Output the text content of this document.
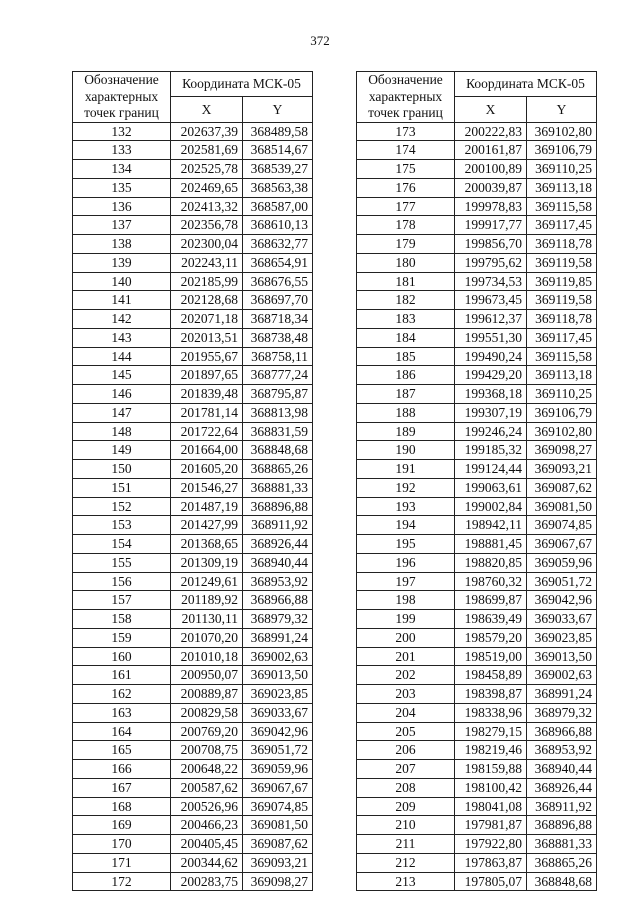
372
Обозначение характерных точек границ	Координата МСК-05	
	X	Y
132	202637,39	368489,58
133	202581,69	368514,67
134	202525,78	368539,27
135	202469,65	368563,38
136	202413,32	368587,00
137	202356,78	368610,13
138	202300,04	368632,77
139	202243,11	368654,91
140	202185,99	368676,55
141	202128,68	368697,70
142	202071,18	368718,34
143	202013,51	368738,48
144	201955,67	368758,11
145	201897,65	368777,24
146	201839,48	368795,87
147	201781,14	368813,98
148	201722,64	368831,59
149	201664,00	368848,68
150	201605,20	368865,26
151	201546,27	368881,33
152	201487,19	368896,88
153	201427,99	368911,92
154	201368,65	368926,44
155	201309,19	368940,44
156	201249,61	368953,92
157	201189,92	368966,88
158	201130,11	368979,32
159	201070,20	368991,24
160	201010,18	369002,63
161	200950,07	369013,50
162	200889,87	369023,85
163	200829,58	369033,67
164	200769,20	369042,96
165	200708,75	369051,72
166	200648,22	369059,96
167	200587,62	369067,67
168	200526,96	369074,85
169	200466,23	369081,50
170	200405,45	369087,62
171	200344,62	369093,21
172	200283,75	369098,27
Обозначение характерных точек границ	Координата МСК-05	
	X	Y
173	200222,83	369102,80
174	200161,87	369106,79
175	200100,89	369110,25
176	200039,87	369113,18
177	199978,83	369115,58
178	199917,77	369117,45
179	199856,70	369118,78
180	199795,62	369119,58
181	199734,53	369119,85
182	199673,45	369119,58
183	199612,37	369118,78
184	199551,30	369117,45
185	199490,24	369115,58
186	199429,20	369113,18
187	199368,18	369110,25
188	199307,19	369106,79
189	199246,24	369102,80
190	199185,32	369098,27
191	199124,44	369093,21
192	199063,61	369087,62
193	199002,84	369081,50
194	198942,11	369074,85
195	198881,45	369067,67
196	198820,85	369059,96
197	198760,32	369051,72
198	198699,87	369042,96
199	198639,49	369033,67
200	198579,20	369023,85
201	198519,00	369013,50
202	198458,89	369002,63
203	198398,87	368991,24
204	198338,96	368979,32
205	198279,15	368966,88
206	198219,46	368953,92
207	198159,88	368940,44
208	198100,42	368926,44
209	198041,08	368911,92
210	197981,87	368896,88
211	197922,80	368881,33
212	197863,87	368865,26
213	197805,07	368848,68
